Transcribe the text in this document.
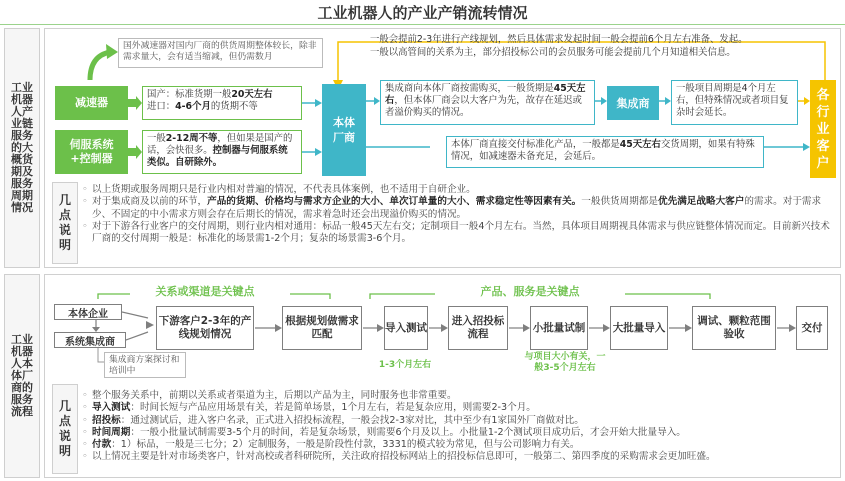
工业机器人的产业产销流转情况
工业机器人产业链服务的大概货期及服务周期情况
国外减速器对国内厂商的供货周期整体较长，除非需求量大，会有适当缩减，但仍需数月
一般会提前2-3年进行产线规划，然后具体需求发起时间一般会提前6个月左右准备、发起。
一般以高管间的关系为主，部分招投标公司的会员服务可能会提前几个月知道相关信息。
减速器
伺服系统+控制器
国产：标准货期一般20天左右
进口：4-6个月的货期不等
一般2-12周不等，但如果是国产的话，会快很多。控制器与伺服系统类似。自研除外。
本体厂商
集成商向本体厂商按需购买，一般货期是45天左右，但本体厂商会以大客户为先，故存在延迟或者溢价购买的情况。
集成商
一般项目周期是4个月左右，但特殊情况或者项目复杂时会延长。
各行业客户
本体厂商直接交付标准化产品，一般都是45天左右交货周期，如果有特殊情况，如减速器未备充足，会延后。
几点说明

◦ 以上货期或服务周期只是行业内相对普遍的情况，不代表具体案例，也不适用于自研企业。

◦ 对于集成商及以前的环节，产品的货期、价格均与需求方企业的大小、单次订单量的大小、需求稳定性等因素有关。一般供货周期都是优先满足战略大客户的需求。对于需求少、不固定的中小需求方则会存在后期长的情况，需求着急时还会出现溢价购买的情况。

◦ 对于下游各行业客户的交付周期，则行业内相对通用：标品一般45天左右交；定制项目一般4个月左右。当然，具体项目周期视具体需求与供应链整体情况而定。目前新兴技术厂商的交付周期一般是：标准化的场景需1-2个月；复杂的场景需3-6个月。

工业机器人本体厂商的服务流程
关系或渠道是关键点	产品、服务是关键点
本体企业
系统集成商
集成商方案探讨和培训中
下游客户2-3年的产线规划情况
根据规划做需求匹配
导入测试
进入招投标流程
小批量试制	大批量导入
调试、颗粒范围验收
交付
1-3个月左右
与项目大小有关，一般3-5个月左右
几点说明

◦ 整个服务关系中，前期以关系或者渠道为主，后期以产品为主，同时服务也非常重要。

◦ 导入测试：时间长短与产品应用场景有关，若是简单场景，1个月左右，若是复杂应用，则需要2-3个月。

◦ 招投标：通过测试后，进入客户名录，正式进入招投标流程，一般会找2-3家对比，其中至少有1家国外厂商做对比。

◦ 时间周期：一般小批量试制需要3-5个月的时间，若是复杂场景，则需要6个月及以上。小批量1-2个测试项目成功后，才会开始大批量导入。

◦ 付款：1）标品，一般是三七分；2）定制服务，一般是阶段性付款，3331的模式较为常见，但与公司影响力有关。

◦ 以上情况主要是针对市场类客户，针对高校或者科研院所，关注政府招投标网站上的招投标信息即可，一般第二、第四季度的采购需求会更加旺盛。
